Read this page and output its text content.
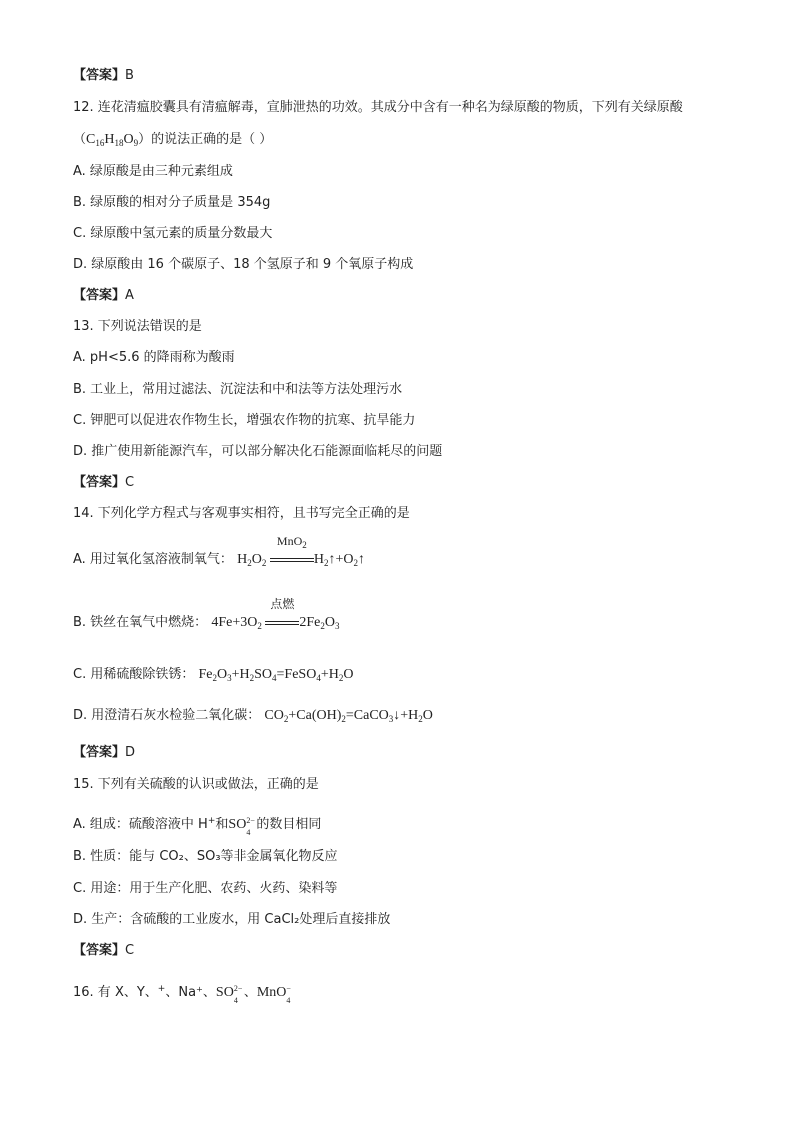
【答案】B
12. 连花清瘟胶囊具有清瘟解毒，宣肺泄热的功效。其成分中含有一种名为绿原酸的物质，下列有关绿原酸
$(C_{16}H_{18}O_9)$的说法正确的是（ ）
A. 绿原酸是由三种元素组成
B. 绿原酸的相对分子质量是 354g
C. 绿原酸中氢元素的质量分数最大
D. 绿原酸由 16 个碳原子、18 个氢原子和 9 个氧原子构成
【答案】A
13. 下列说法错误的是
A. pH<5.6 的降雨称为酸雨
B. 工业上，常用过滤法、沉淀法和中和法等方法处理污水
C. 钾肥可以促进农作物生长，增强农作物的抗寒、抗旱能力
D. 推广使用新能源汽车，可以部分解决化石能源面临耗尽的问题
【答案】C
14. 下列化学方程式与客观事实相符，且书写完全正确的是
A. 用过氧化氢溶液制氧气： $H_2O_2$
MnO$_2$
$H_2↑+O_2↑$
B. 铁丝在氧气中燃烧： $4Fe+3O_2$
点燃
$2Fe_2O_3$
C. 用稀硫酸除铁锈： $Fe_2O_3+H_2SO_4=FeSO_4+H_2O$
D. 用澄清石灰水检验二氧化碳： $CO_2+Ca(OH)_2=CaCO_3↓+H_2O$
【答案】D
15. 下列有关硫酸的认识或做法，正确的是
A. 组成：硫酸溶液中 H+和SO 2−
4
的数目相同
B. 性质：能与 CO₂、SO₃等非金属氧化物反应
C. 用途：用于生产化肥、农药、火药、染料等
D. 生产：含硫酸的工业废水，用 CaCl₂处理后直接排放
【答案】C
16. 有 X、Y、+、Na⁺、SO 2−
4
、MnO −
4
